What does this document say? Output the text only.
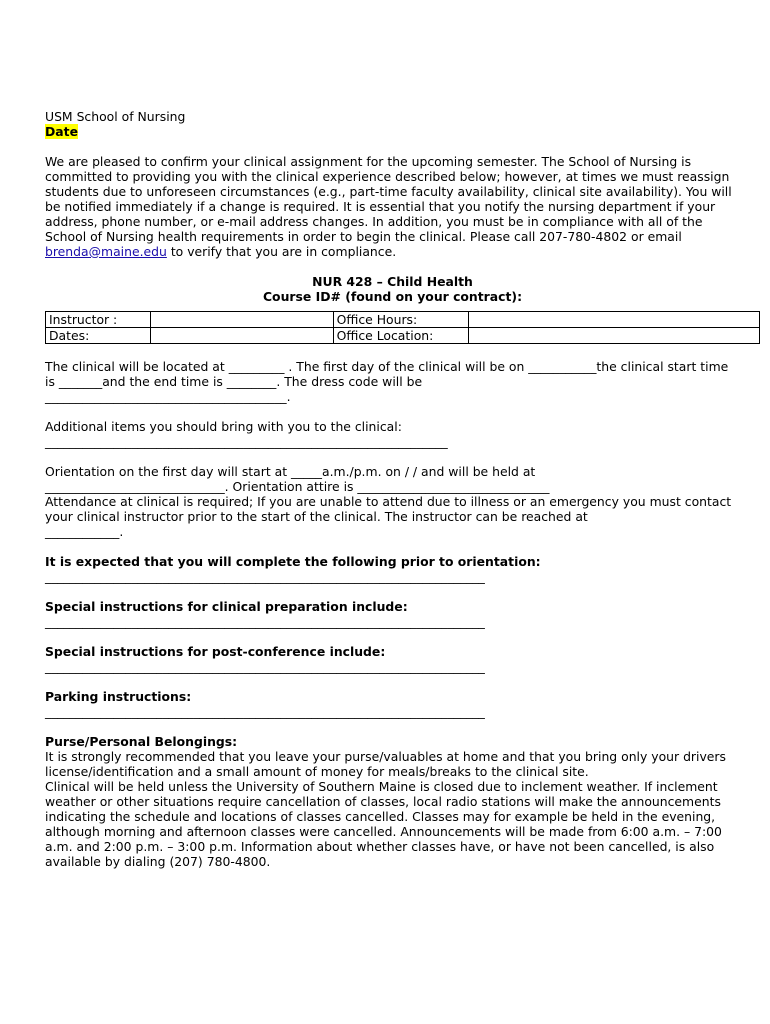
USM School of Nursing

Date

We are pleased to confirm your clinical assignment for the upcoming semester. The School of Nursing is committed to providing you with the clinical experience described below; however, at times we must reassign students due to unforeseen circumstances (e.g., part-time faculty availability, clinical site availability). You will be notified immediately if a change is required. It is essential that you notify the nursing department if your address, phone number, or e-mail address changes. In addition, you must be in compliance with all of the School of Nursing health requirements in order to begin the clinical. Please call 207-780-4802 or email brenda@maine.edu to verify that you are in compliance.

NUR 428 – Child Health

Course ID# (found on your contract):

Instructor :		Office Hours:	
Dates:		Office Location:	

The clinical will be located at _________ . The first day of the clinical will be on ___________the clinical start time is _______and the end time is ________. The dress code will be

_______________________________________.

Additional items you should bring with you to the clinical:

_________________________________________________________________

Orientation on the first day will start at _____a.m./p.m. on / / and will be held at

_____________________________. Orientation attire is _______________________________

Attendance at clinical is required; If you are unable to attend due to illness or an emergency you must contact your clinical instructor prior to the start of the clinical. The instructor can be reached at

____________.

It is expected that you will complete the following prior to orientation:

_______________________________________________________________________

Special instructions for clinical preparation include:

_______________________________________________________________________

Special instructions for post-conference include:

_______________________________________________________________________

Parking instructions:

_______________________________________________________________________

Purse/Personal Belongings:

It is strongly recommended that you leave your purse/valuables at home and that you bring only your drivers license/identification and a small amount of money for meals/breaks to the clinical site.

Clinical will be held unless the University of Southern Maine is closed due to inclement weather. If inclement weather or other situations require cancellation of classes, local radio stations will make the announcements indicating the schedule and locations of classes cancelled. Classes may for example be held in the evening, although morning and afternoon classes were cancelled. Announcements will be made from 6:00 a.m. – 7:00 a.m. and 2:00 p.m. – 3:00 p.m. Information about whether classes have, or have not been cancelled, is also available by dialing (207) 780-4800.
